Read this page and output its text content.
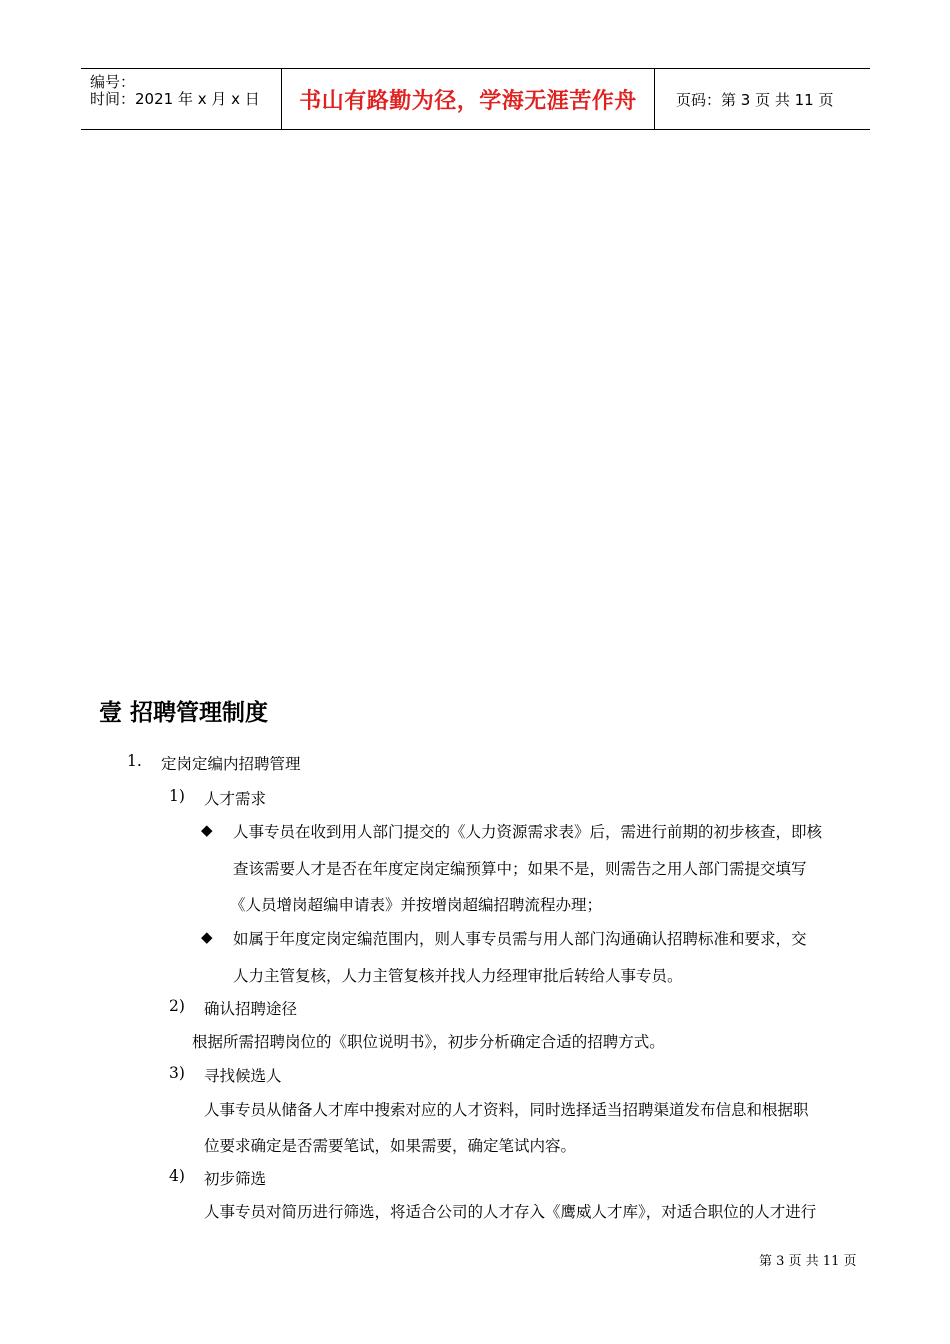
编号：
时间：2021 年 x 月 x 日	书山有路勤为径，学海无涯苦作舟	页码：第 3 页 共 11 页
壹 招聘管理制度
1. 定岗定编内招聘管理
1) 人才需求
◆ 人事专员在收到用人部门提交的《人力资源需求表》后，需进行前期的初步核查，即核
查该需要人才是否在年度定岗定编预算中；如果不是，则需告之用人部门需提交填写
《人员增岗超编申请表》并按增岗超编招聘流程办理；
◆ 如属于年度定岗定编范围内，则人事专员需与用人部门沟通确认招聘标准和要求，交
人力主管复核，人力主管复核并找人力经理审批后转给人事专员。
2) 确认招聘途径
根据所需招聘岗位的《职位说明书》，初步分析确定合适的招聘方式。
3) 寻找候选人
人事专员从储备人才库中搜索对应的人才资料，同时选择适当招聘渠道发布信息和根据职
位要求确定是否需要笔试，如果需要，确定笔试内容。
4) 初步筛选
人事专员对简历进行筛选，将适合公司的人才存入《鹰威人才库》，对适合职位的人才进行
第 3 页 共 11 页
